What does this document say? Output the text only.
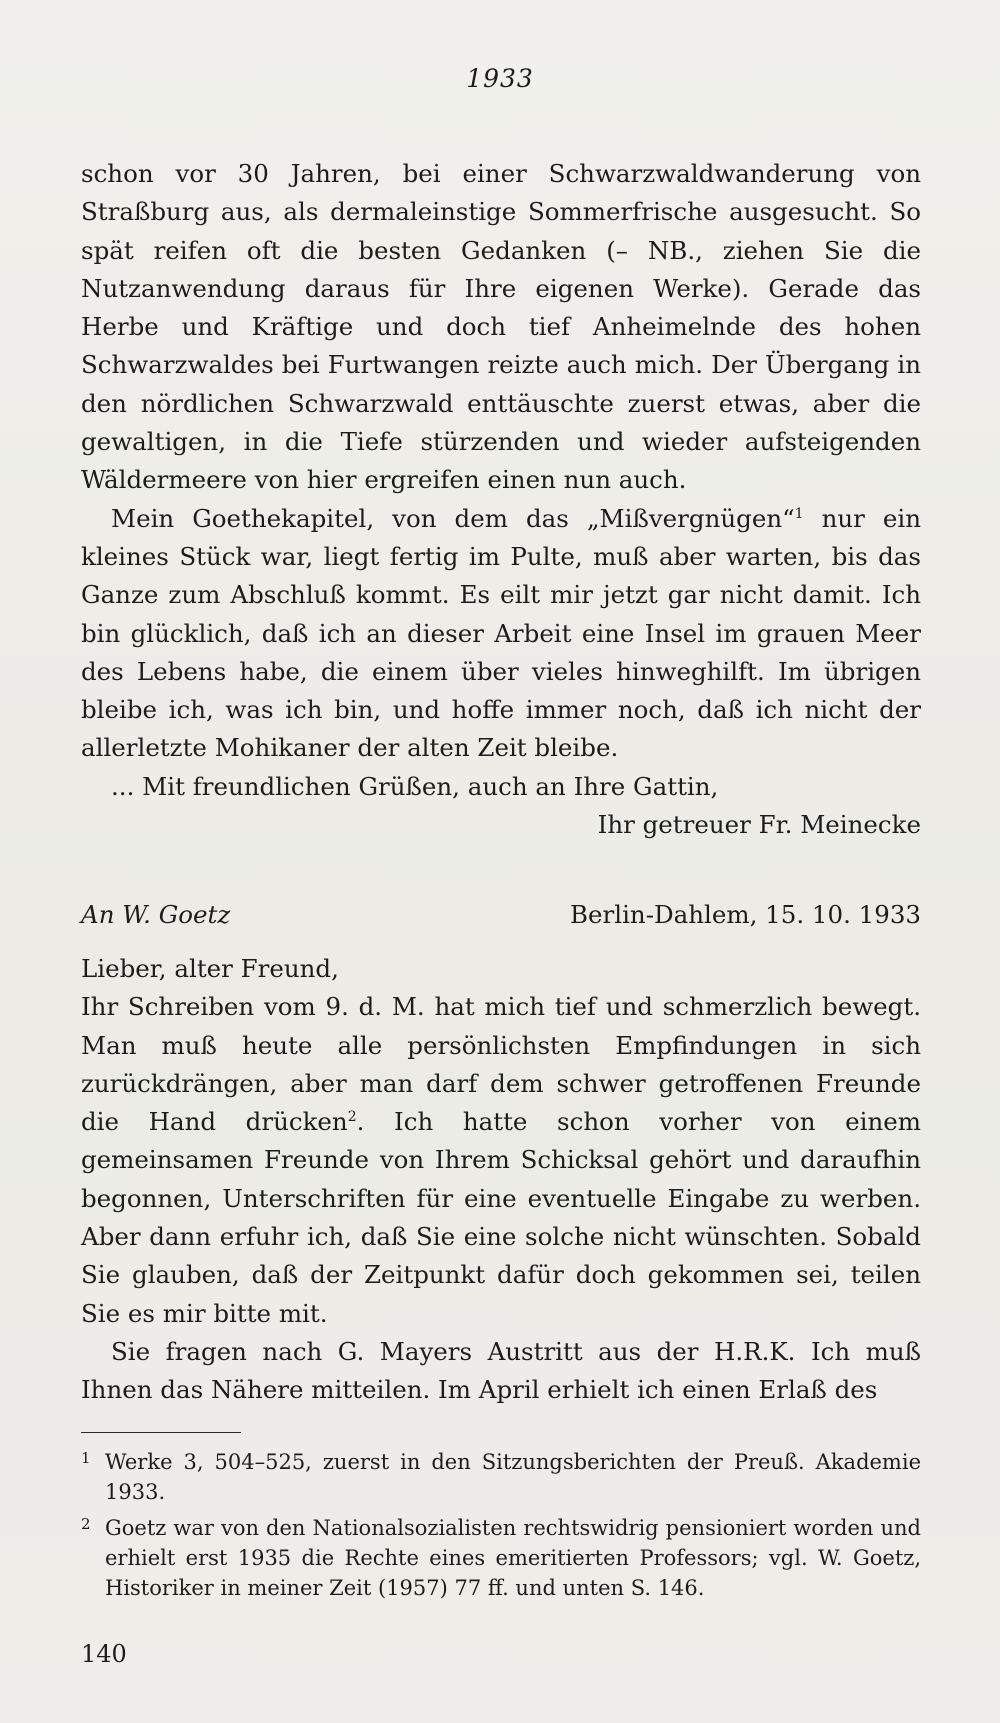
1933

schon vor 30 Jahren, bei einer Schwarzwaldwanderung von Straßburg aus, als dermaleinstige Sommerfrische ausgesucht. So spät reifen oft die besten Gedanken (– NB., ziehen Sie die Nutzanwendung daraus für Ihre eigenen Werke). Gerade das Herbe und Kräftige und doch tief Anheimelnde des hohen Schwarzwaldes bei Furtwangen reizte auch mich. Der Übergang in den nördlichen Schwarzwald enttäuschte zuerst etwas, aber die gewaltigen, in die Tiefe stürzenden und wieder aufsteigenden Wäldermeere von hier ergreifen einen nun auch.

Mein Goethekapitel, von dem das „Mißvergnügen“$^1$ nur ein kleines Stück war, liegt fertig im Pulte, muß aber warten, bis das Ganze zum Abschluß kommt. Es eilt mir jetzt gar nicht damit. Ich bin glücklich, daß ich an dieser Arbeit eine Insel im grauen Meer des Lebens habe, die einem über vieles hinweghilft. Im übrigen bleibe ich, was ich bin, und hoffe immer noch, daß ich nicht der allerletzte Mohikaner der alten Zeit bleibe.

... Mit freundlichen Grüßen, auch an Ihre Gattin,

Ihr getreuer Fr. Meinecke

An W. Goetz	Berlin-Dahlem, 15. 10. 1933

Lieber, alter Freund,

Ihr Schreiben vom 9. d. M. hat mich tief und schmerzlich bewegt. Man muß heute alle persönlichsten Empfindungen in sich zurückdrängen, aber man darf dem schwer getroffenen Freunde die Hand drücken$^2$. Ich hatte schon vorher von einem gemeinsamen Freunde von Ihrem Schicksal gehört und daraufhin begonnen, Unterschriften für eine eventuelle Eingabe zu werben. Aber dann erfuhr ich, daß Sie eine solche nicht wünschten. Sobald Sie glauben, daß der Zeitpunkt dafür doch gekommen sei, teilen Sie es mir bitte mit.

Sie fragen nach G. Mayers Austritt aus der H.R.K. Ich muß Ihnen das Nähere mitteilen. Im April erhielt ich einen Erlaß des

1 Werke 3, 504–525, zuerst in den Sitzungsberichten der Preuß. Akademie 1933.
2 Goetz war von den Nationalsozialisten rechtswidrig pensioniert worden und erhielt erst 1935 die Rechte eines emeritierten Professors; vgl. W. Goetz, Historiker in meiner Zeit (1957) 77 ff. und unten S. 146.
140
